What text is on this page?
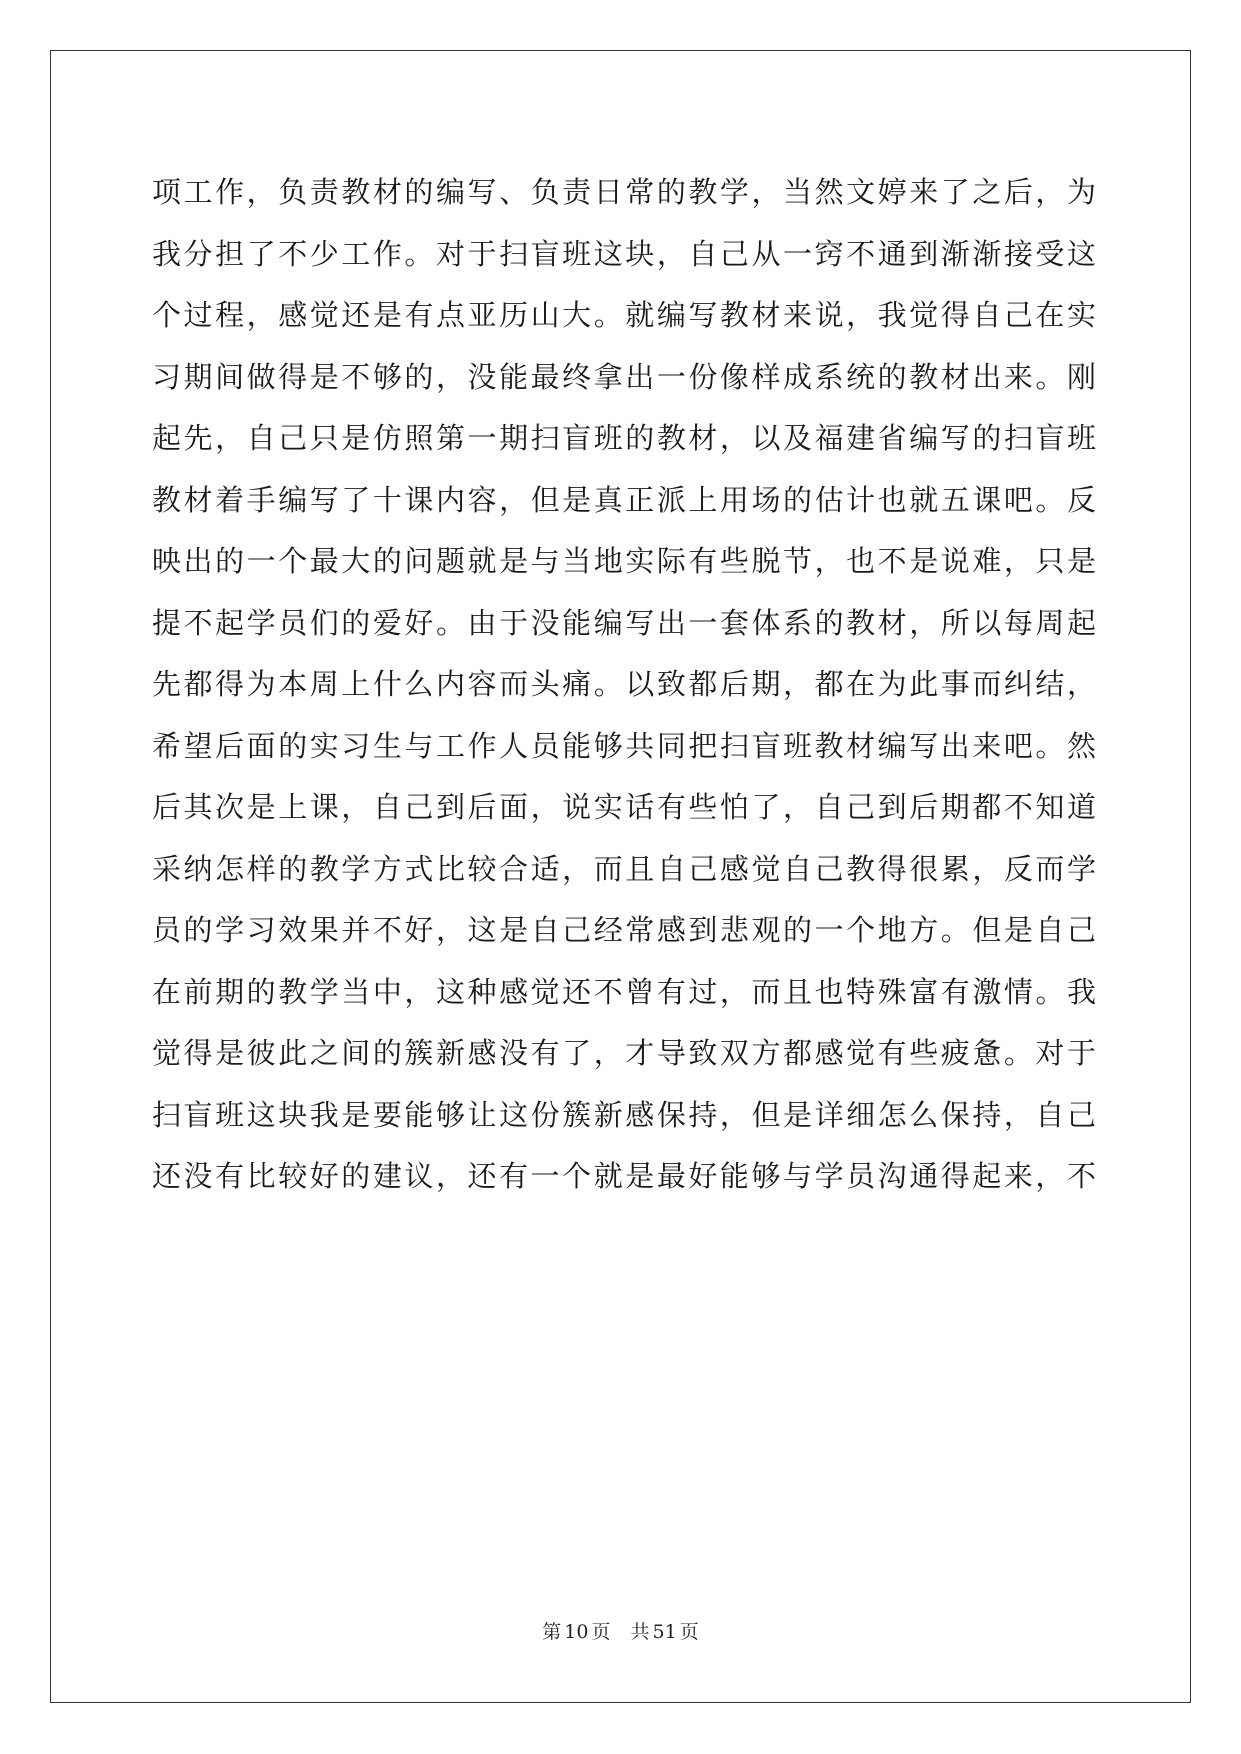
项工作，负责教材的编写、负责日常的教学，当然文婷来了之后，为

我分担了不少工作。对于扫盲班这块，自己从一窍不通到渐渐接受这

个过程，感觉还是有点亚历山大。就编写教材来说，我觉得自己在实

习期间做得是不够的，没能最终拿出一份像样成系统的教材出来。刚

起先，自己只是仿照第一期扫盲班的教材，以及福建省编写的扫盲班

教材着手编写了十课内容，但是真正派上用场的估计也就五课吧。反

映出的一个最大的问题就是与当地实际有些脱节，也不是说难，只是

提不起学员们的爱好。由于没能编写出一套体系的教材，所以每周起

先都得为本周上什么内容而头痛。以致都后期，都在为此事而纠结，

希望后面的实习生与工作人员能够共同把扫盲班教材编写出来吧。然

后其次是上课，自己到后面，说实话有些怕了，自己到后期都不知道

采纳怎样的教学方式比较合适，而且自己感觉自己教得很累，反而学

员的学习效果并不好，这是自己经常感到悲观的一个地方。但是自己

在前期的教学当中，这种感觉还不曾有过，而且也特殊富有激情。我

觉得是彼此之间的簇新感没有了，才导致双方都感觉有些疲惫。对于

扫盲班这块我是要能够让这份簇新感保持，但是详细怎么保持，自己

还没有比较好的建议，还有一个就是最好能够与学员沟通得起来，不

第 10 页 共 51 页
